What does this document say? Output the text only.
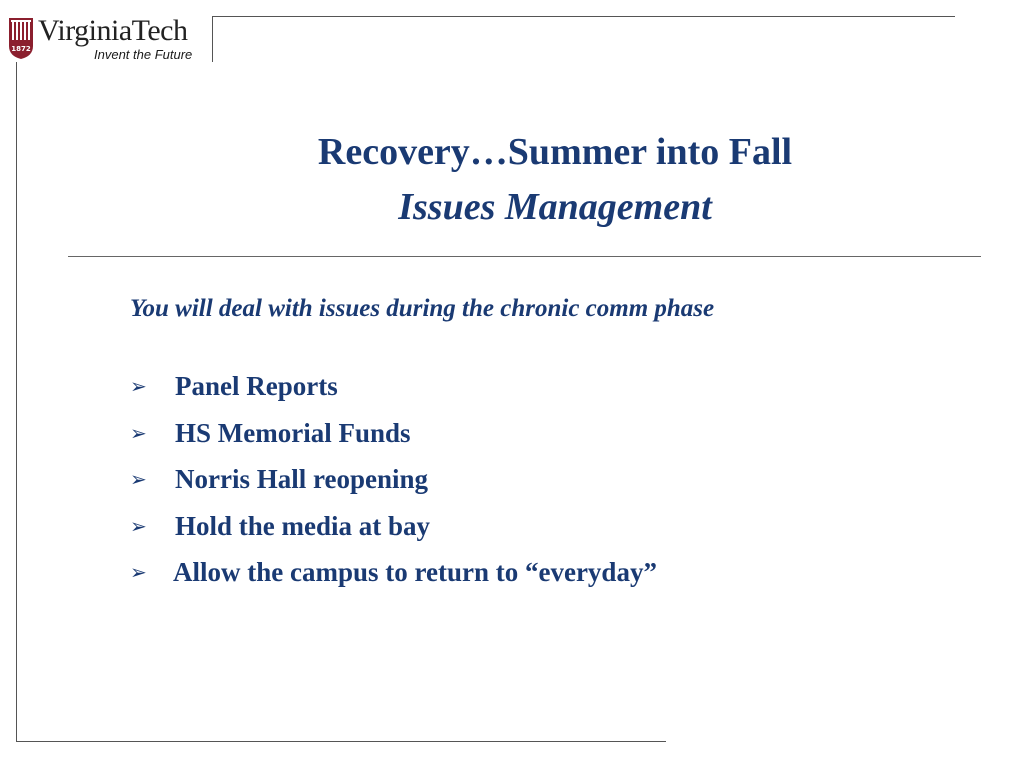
1872
VirginiaTech
Invent the Future
Recovery…Summer into Fall
Issues Management
You will deal with issues during the chronic comm phase
➢ Panel Reports
➢ HS Memorial Funds
➢ Norris Hall reopening
➢ Hold the media at bay
➢ Allow the campus to return to “everyday”
